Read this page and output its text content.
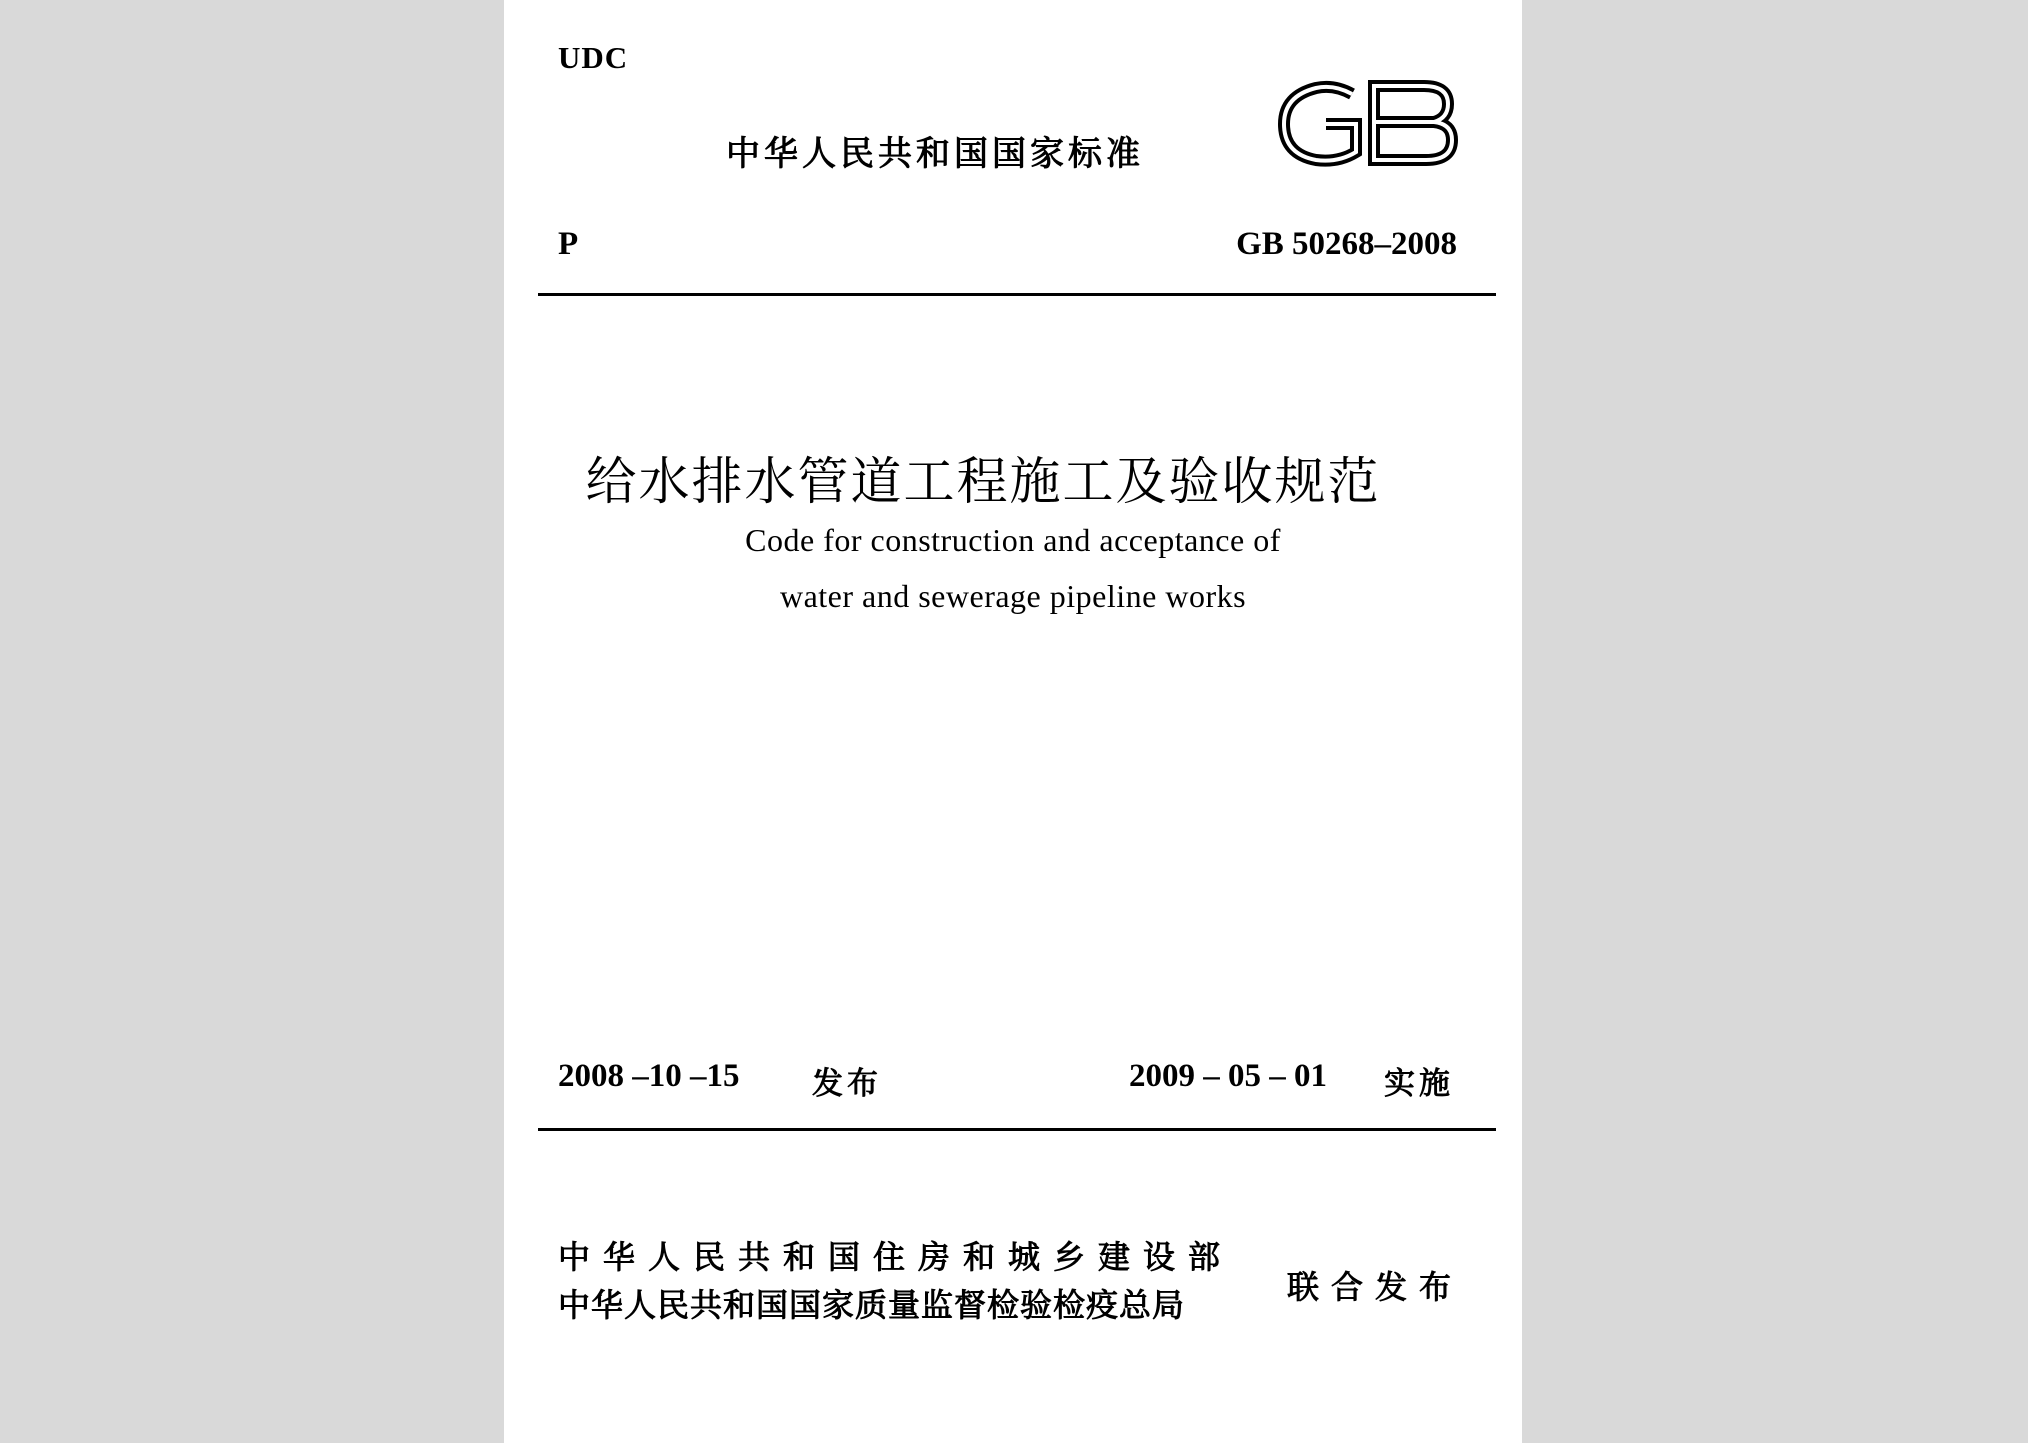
UDC
中华人民共和国国家标准
P	GB 50268–2008
给水排水管道工程施工及验收规范
Code for construction and acceptance of
water and sewerage pipeline works
2008 –10 –15 发布	2009 – 05 – 01 实施
中华人民共和国住房和城乡建设部
中华人民共和国国家质量监督检验检疫总局	联合发布
